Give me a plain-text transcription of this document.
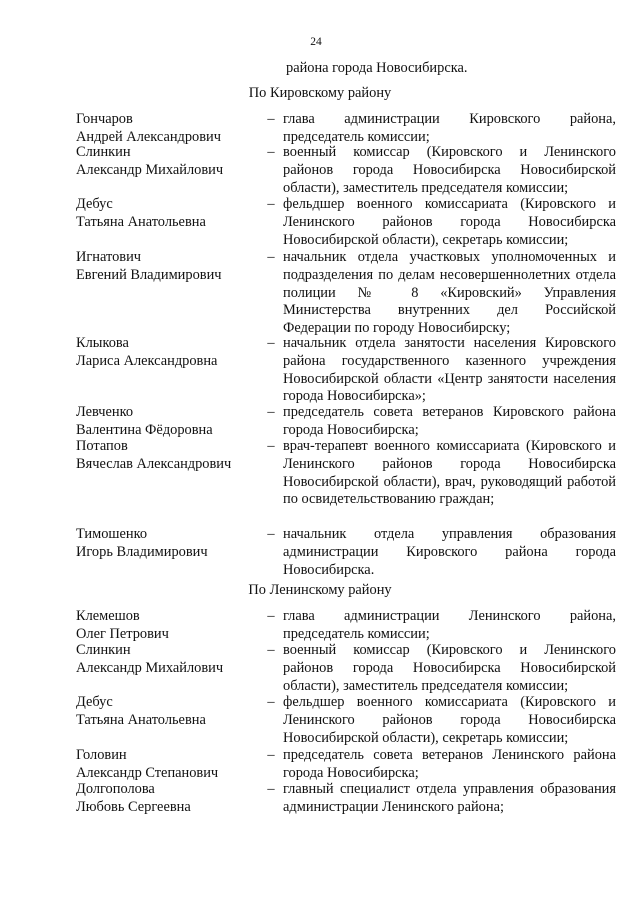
24
района города Новосибирска.
По Кировскому району
Гончаров
Андрей Александрович
– глава администрации Кировского района, председатель комиссии;
Слинкин
Александр Михайлович
– военный комиссар (Кировского и Ленинского районов города Новосибирска Новосибирской области), заместитель председателя комиссии;
Дебус
Татьяна Анатольевна
– фельдшер военного комиссариата (Кировского и Ленинского районов города Новосибирска Новосибирской области), секретарь комиссии;
Игнатович
Евгений Владимирович
– начальник отдела участковых уполномоченных и подразделения по делам несовершеннолетних отдела полиции № 8 «Кировский» Управления Министерства внутренних дел Российской Федерации по городу Новосибирску;
Клыкова
Лариса Александровна
– начальник отдела занятости населения Кировского района государственного казенного учреждения Новосибирской области «Центр занятости населения города Новосибирска»;
Левченко
Валентина Фёдоровна
– председатель совета ветеранов Кировского района города Новосибирска;
Потапов
Вячеслав Александрович
– врач-терапевт военного комиссариата (Кировского и Ленинского районов города Новосибирска Новосибирской области), врач, руководящий работой по освидетельствованию граждан;
Тимошенко
Игорь Владимирович
– начальник отдела управления образования администрации Кировского района города Новосибирска.
По Ленинскому району
Клемешов
Олег Петрович
– глава администрации Ленинского района, председатель комиссии;
Слинкин
Александр Михайлович
– военный комиссар (Кировского и Ленинского районов города Новосибирска Новосибирской области), заместитель председателя комиссии;
Дебус
Татьяна Анатольевна
– фельдшер военного комиссариата (Кировского и Ленинского районов города Новосибирска Новосибирской области), секретарь комиссии;
Головин
Александр Степанович
– председатель совета ветеранов Ленинского района города Новосибирска;
Долгополова
Любовь Сергеевна
– главный специалист отдела управления образования администрации Ленинского района;
